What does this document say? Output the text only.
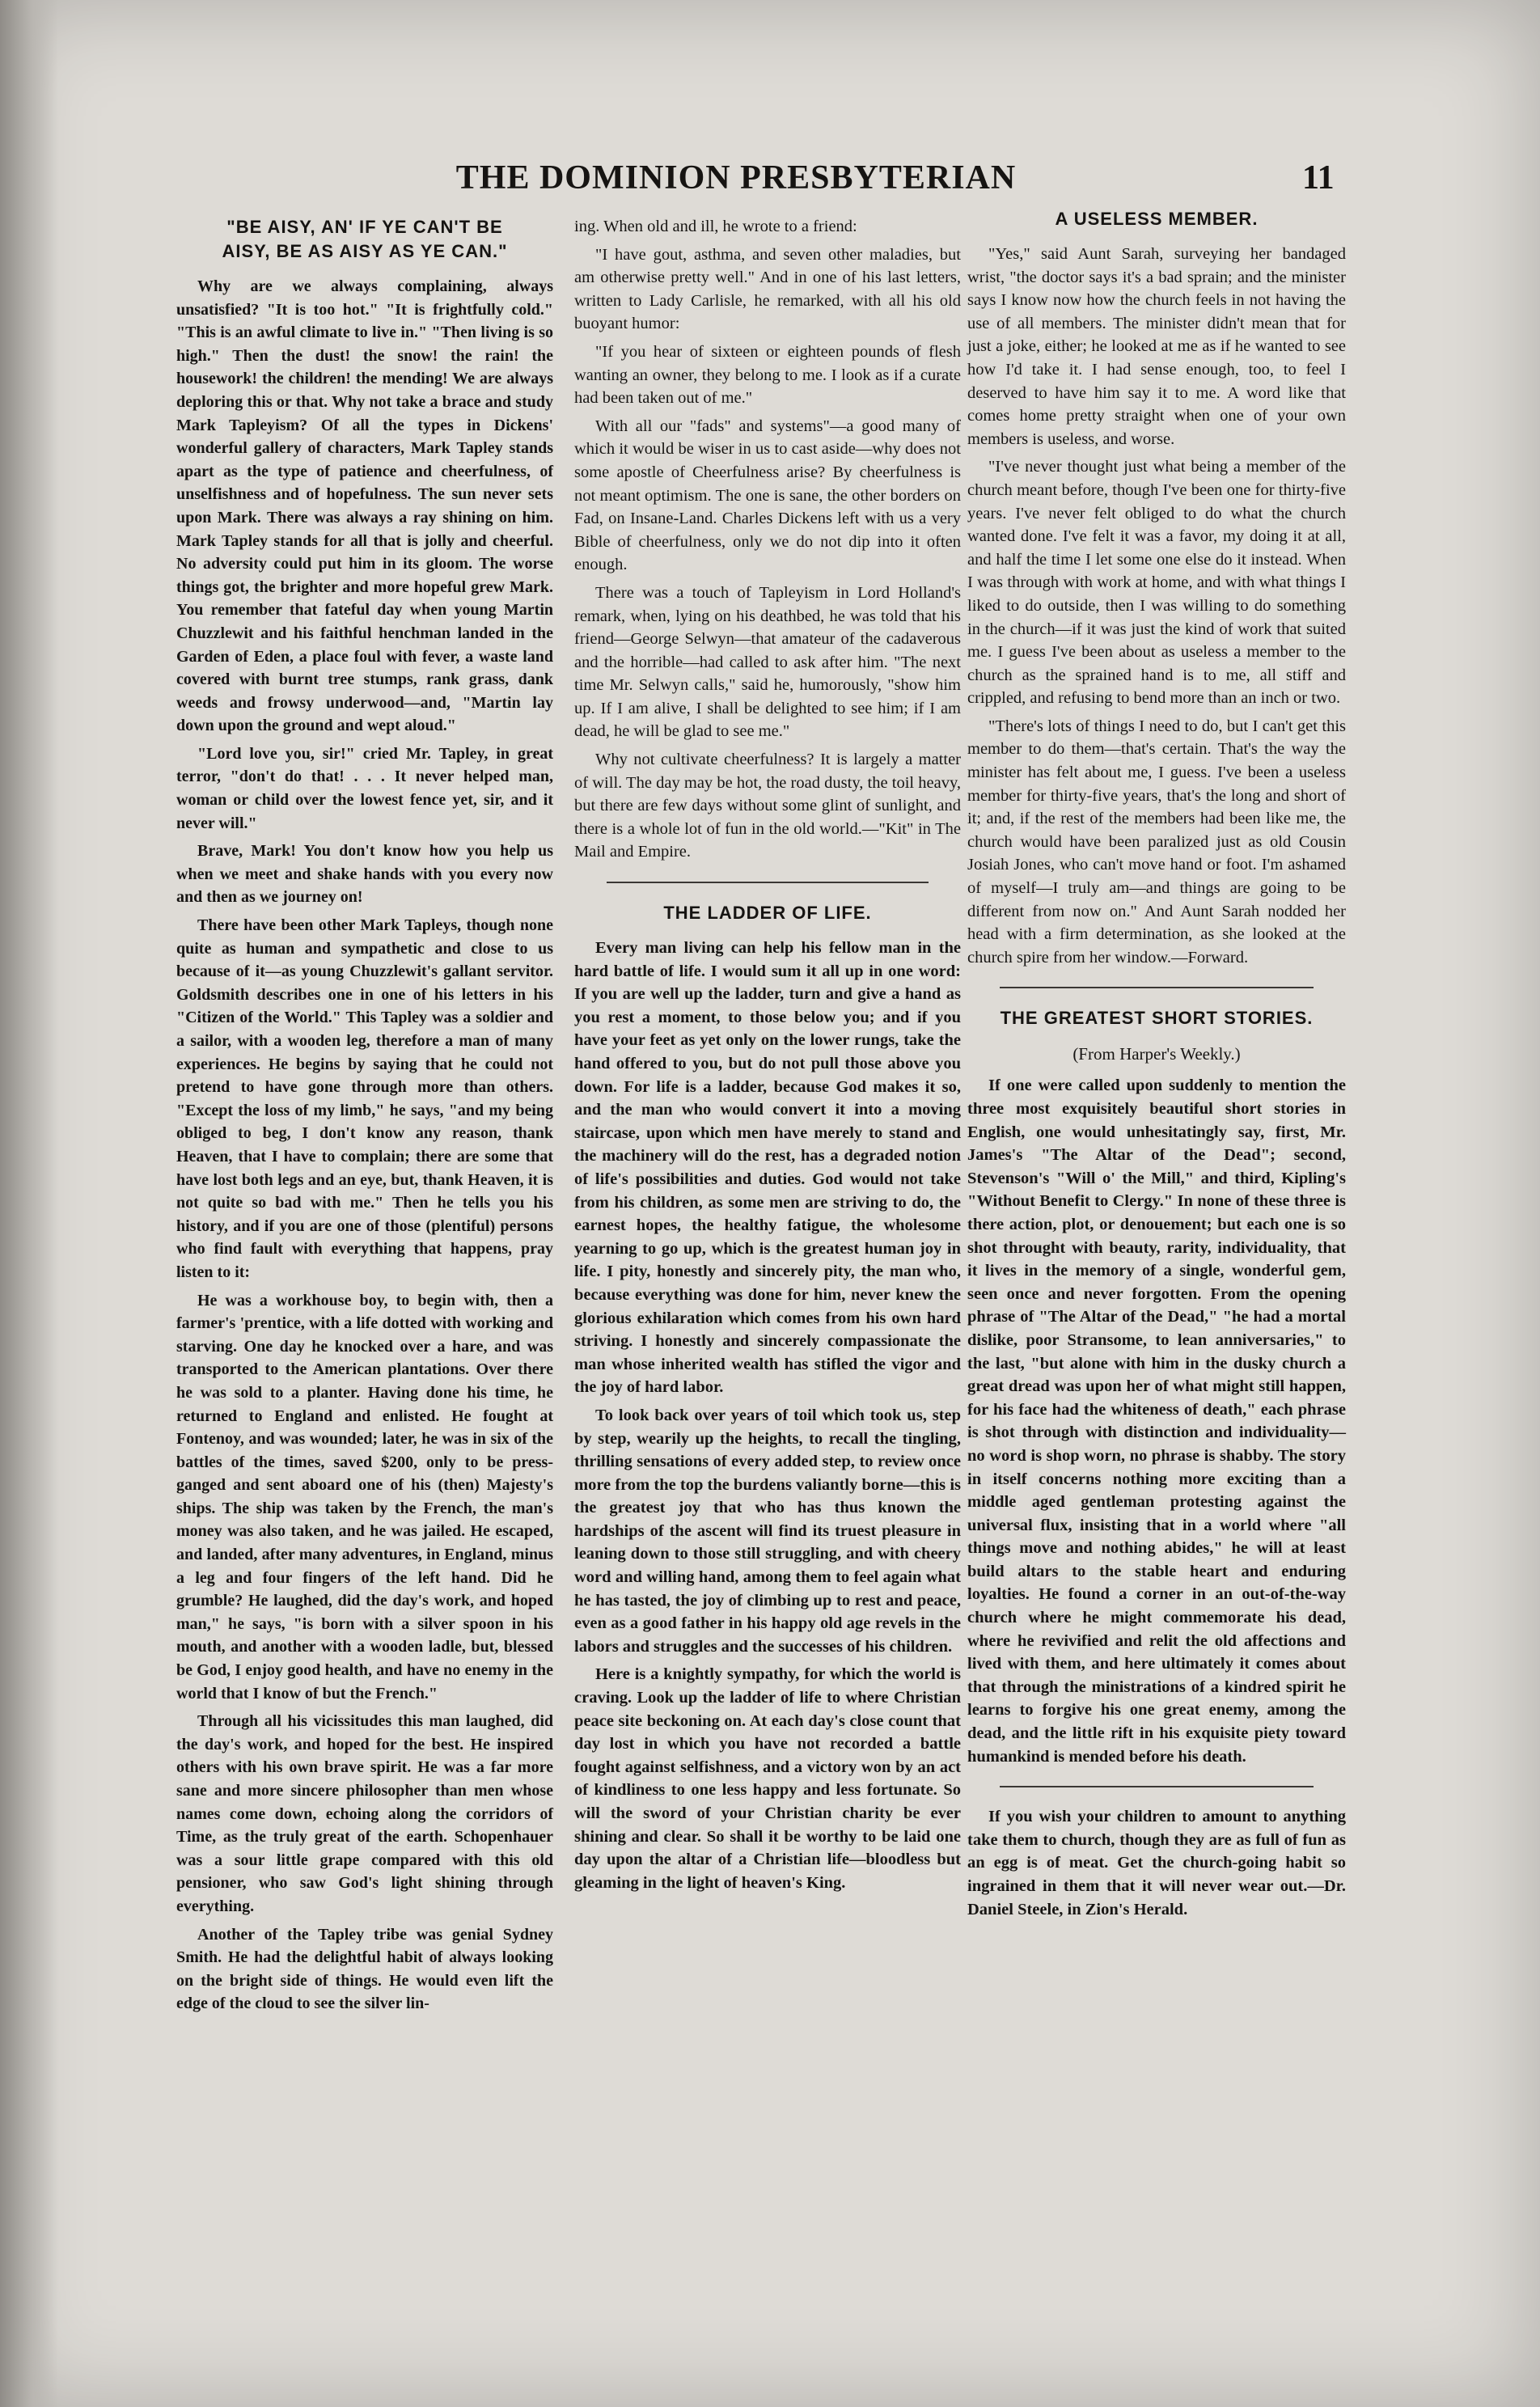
THE DOMINION PRESBYTERIAN	11
"BE AISY, AN' IF YE CAN'T BE
AISY, BE AS AISY AS YE CAN."

Why are we always complaining, always unsatisfied? "It is too hot." "It is frightfully cold." "This is an awful climate to live in." "Then living is so high." Then the dust! the snow! the rain! the housework! the children! the mending! We are always deploring this or that. Why not take a brace and study Mark Tapleyism? Of all the types in Dickens' wonderful gallery of characters, Mark Tapley stands apart as the type of patience and cheerfulness, of unselfishness and of hopefulness. The sun never sets upon Mark. There was always a ray shining on him. Mark Tapley stands for all that is jolly and cheerful. No adversity could put him in its gloom. The worse things got, the brighter and more hopeful grew Mark. You remember that fateful day when young Martin Chuzzlewit and his faithful henchman landed in the Garden of Eden, a place foul with fever, a waste land covered with burnt tree stumps, rank grass, dank weeds and frowsy underwood—and, "Martin lay down upon the ground and wept aloud."

"Lord love you, sir!" cried Mr. Tapley, in great terror, "don't do that! . . . It never helped man, woman or child over the lowest fence yet, sir, and it never will."

Brave, Mark! You don't know how you help us when we meet and shake hands with you every now and then as we journey on!

There have been other Mark Tapleys, though none quite as human and sympathetic and close to us because of it—as young Chuzzlewit's gallant servitor. Goldsmith describes one in one of his letters in his "Citizen of the World." This Tapley was a soldier and a sailor, with a wooden leg, therefore a man of many experiences. He begins by saying that he could not pretend to have gone through more than others. "Except the loss of my limb," he says, "and my being obliged to beg, I don't know any reason, thank Heaven, that I have to complain; there are some that have lost both legs and an eye, but, thank Heaven, it is not quite so bad with me." Then he tells you his history, and if you are one of those (plentiful) persons who find fault with everything that happens, pray listen to it:

He was a workhouse boy, to begin with, then a farmer's 'prentice, with a life dotted with working and starving. One day he knocked over a hare, and was transported to the American plantations. Over there he was sold to a planter. Having done his time, he returned to England and enlisted. He fought at Fontenoy, and was wounded; later, he was in six of the battles of the times, saved $200, only to be press-ganged and sent aboard one of his (then) Majesty's ships. The ship was taken by the French, the man's money was also taken, and he was jailed. He escaped, and landed, after many adventures, in England, minus a leg and four fingers of the left hand. Did he grumble? He laughed, did the day's work, and hoped man," he says, "is born with a silver spoon in his mouth, and another with a wooden ladle, but, blessed be God, I enjoy good health, and have no enemy in the world that I know of but the French."

Through all his vicissitudes this man laughed, did the day's work, and hoped for the best. He inspired others with his own brave spirit. He was a far more sane and more sincere philosopher than men whose names come down, echoing along the corridors of Time, as the truly great of the earth. Schopenhauer was a sour little grape compared with this old pensioner, who saw God's light shining through everything.

Another of the Tapley tribe was genial Sydney Smith. He had the delightful habit of always looking on the bright side of things. He would even lift the edge of the cloud to see the silver lin-

ing. When old and ill, he wrote to a friend:

"I have gout, asthma, and seven other maladies, but am otherwise pretty well." And in one of his last letters, written to Lady Carlisle, he remarked, with all his old buoyant humor:

"If you hear of sixteen or eighteen pounds of flesh wanting an owner, they belong to me. I look as if a curate had been taken out of me."

With all our "fads" and systems"—a good many of which it would be wiser in us to cast aside—why does not some apostle of Cheerfulness arise? By cheerfulness is not meant optimism. The one is sane, the other borders on Fad, on Insane-Land. Charles Dickens left with us a very Bible of cheerfulness, only we do not dip into it often enough.

There was a touch of Tapleyism in Lord Holland's remark, when, lying on his deathbed, he was told that his friend—George Selwyn—that amateur of the cadaverous and the horrible—had called to ask after him. "The next time Mr. Selwyn calls," said he, humorously, "show him up. If I am alive, I shall be delighted to see him; if I am dead, he will be glad to see me."

Why not cultivate cheerfulness? It is largely a matter of will. The day may be hot, the road dusty, the toil heavy, but there are few days without some glint of sunlight, and there is a whole lot of fun in the old world.—"Kit" in The Mail and Empire.

THE LADDER OF LIFE.

Every man living can help his fellow man in the hard battle of life. I would sum it all up in one word: If you are well up the ladder, turn and give a hand as you rest a moment, to those below you; and if you have your feet as yet only on the lower rungs, take the hand offered to you, but do not pull those above you down. For life is a ladder, because God makes it so, and the man who would convert it into a moving staircase, upon which men have merely to stand and the machinery will do the rest, has a degraded notion of life's possibilities and duties. God would not take from his children, as some men are striving to do, the earnest hopes, the healthy fatigue, the wholesome yearning to go up, which is the greatest human joy in life. I pity, honestly and sincerely pity, the man who, because everything was done for him, never knew the glorious exhilaration which comes from his own hard striving. I honestly and sincerely compassionate the man whose inherited wealth has stifled the vigor and the joy of hard labor.

To look back over years of toil which took us, step by step, wearily up the heights, to recall the tingling, thrilling sensations of every added step, to review once more from the top the burdens valiantly borne—this is the greatest joy that who has thus known the hardships of the ascent will find its truest pleasure in leaning down to those still struggling, and with cheery word and willing hand, among them to feel again what he has tasted, the joy of climbing up to rest and peace, even as a good father in his happy old age revels in the labors and struggles and the successes of his children.

Here is a knightly sympathy, for which the world is craving. Look up the ladder of life to where Christian peace site beckoning on. At each day's close count that day lost in which you have not recorded a battle fought against selfishness, and a victory won by an act of kindliness to one less happy and less fortunate. So will the sword of your Christian charity be ever shining and clear. So shall it be worthy to be laid one day upon the altar of a Christian life—bloodless but gleaming in the light of heaven's King.

A USELESS MEMBER.

"Yes," said Aunt Sarah, surveying her bandaged wrist, "the doctor says it's a bad sprain; and the minister says I know now how the church feels in not having the use of all members. The minister didn't mean that for just a joke, either; he looked at me as if he wanted to see how I'd take it. I had sense enough, too, to feel I deserved to have him say it to me. A word like that comes home pretty straight when one of your own members is useless, and worse.

"I've never thought just what being a member of the church meant before, though I've been one for thirty-five years. I've never felt obliged to do what the church wanted done. I've felt it was a favor, my doing it at all, and half the time I let some one else do it instead. When I was through with work at home, and with what things I liked to do outside, then I was willing to do something in the church—if it was just the kind of work that suited me. I guess I've been about as useless a member to the church as the sprained hand is to me, all stiff and crippled, and refusing to bend more than an inch or two.

"There's lots of things I need to do, but I can't get this member to do them—that's certain. That's the way the minister has felt about me, I guess. I've been a useless member for thirty-five years, that's the long and short of it; and, if the rest of the members had been like me, the church would have been paralized just as old Cousin Josiah Jones, who can't move hand or foot. I'm ashamed of myself—I truly am—and things are going to be different from now on." And Aunt Sarah nodded her head with a firm determination, as she looked at the church spire from her window.—Forward.

THE GREATEST SHORT STORIES.
(From Harper's Weekly.)

If one were called upon suddenly to mention the three most exquisitely beautiful short stories in English, one would unhesitatingly say, first, Mr. James's "The Altar of the Dead"; second, Stevenson's "Will o' the Mill," and third, Kipling's "Without Benefit to Clergy." In none of these three is there action, plot, or denouement; but each one is so shot throught with beauty, rarity, individuality, that it lives in the memory of a single, wonderful gem, seen once and never forgotten. From the opening phrase of "The Altar of the Dead," "he had a mortal dislike, poor Stransome, to lean anniversaries," to the last, "but alone with him in the dusky church a great dread was upon her of what might still happen, for his face had the whiteness of death," each phrase is shot through with distinction and individuality—no word is shop worn, no phrase is shabby. The story in itself concerns nothing more exciting than a middle aged gentleman protesting against the universal flux, insisting that in a world where "all things move and nothing abides," he will at least build altars to the stable heart and enduring loyalties. He found a corner in an out-of-the-way church where he might commemorate his dead, where he revivified and relit the old affections and lived with them, and here ultimately it comes about that through the ministrations of a kindred spirit he learns to forgive his one great enemy, among the dead, and the little rift in his exquisite piety toward humankind is mended before his death.

If you wish your children to amount to anything take them to church, though they are as full of fun as an egg is of meat. Get the church-going habit so ingrained in them that it will never wear out.—Dr. Daniel Steele, in Zion's Herald.
